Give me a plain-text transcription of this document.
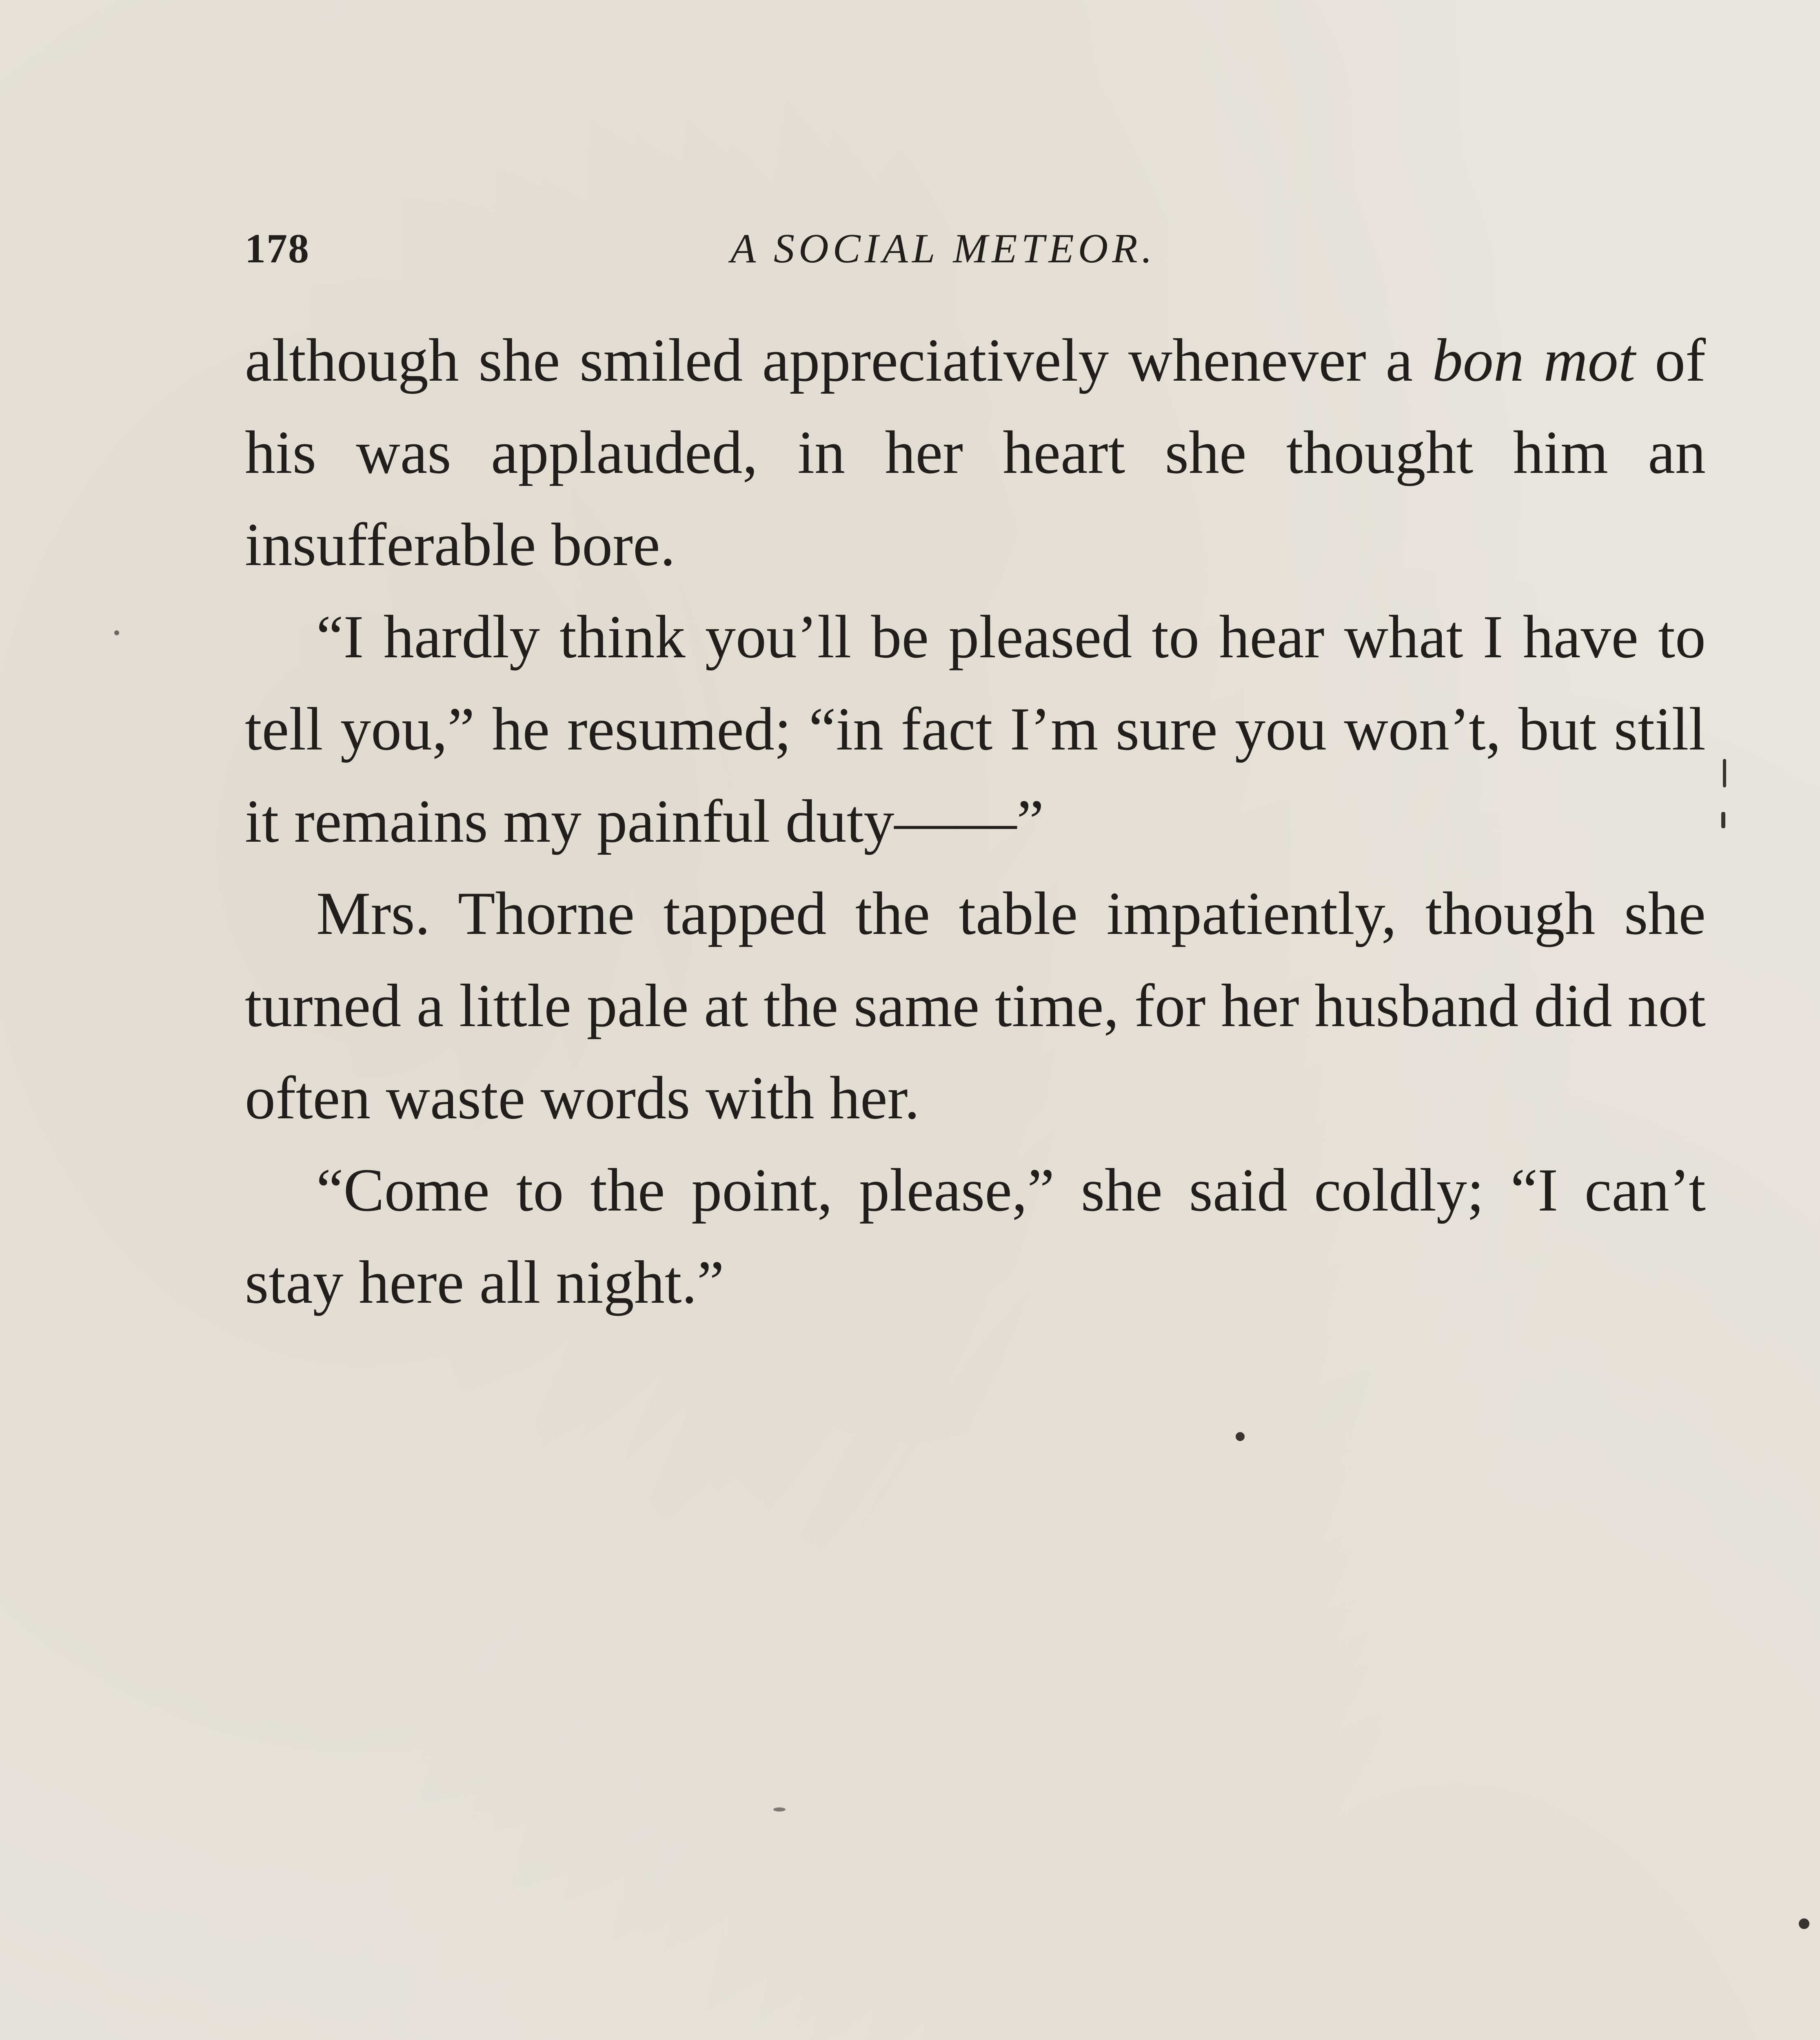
178	A SOCIAL METEOR.

although she smiled appreciatively whenever a bon mot of his was applauded, in her heart she thought him an insufferable bore.

“I hardly think you’ll be pleased to hear what I have to tell you,” he resumed; “in fact I’m sure you won’t, but still it remains my painful duty——”

Mrs. Thorne tapped the table impatiently, though she turned a little pale at the same time, for her husband did not often waste words with her.

“Come to the point, please,” she said coldly; “I can’t stay here all night.”
